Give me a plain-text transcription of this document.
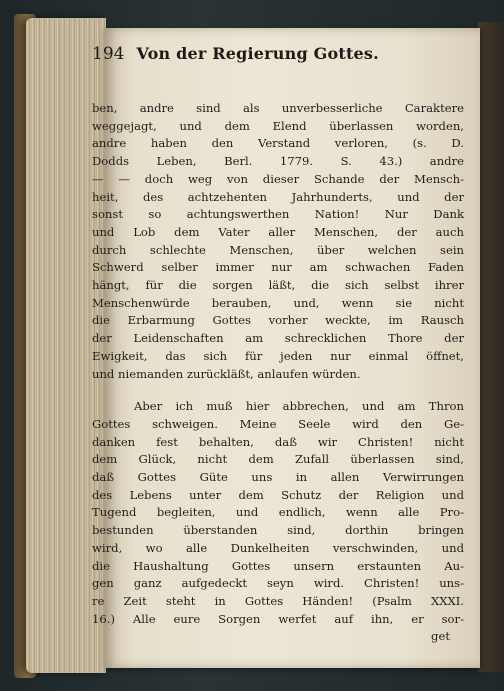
194 Von der Regierung Gottes.
ben, andre sind als unverbesserliche Caraktere
weggejagt, und dem Elend überlassen worden,
andre haben den Verstand verloren, (s. D.
Dodds Leben, Berl. 1779. S. 43.) andre
— — doch weg von dieser Schande der Mensch-
heit, des achtzehenten Jahrhunderts, und der
sonst so achtungswerthen Nation! Nur Dank
und Lob dem Vater aller Menschen, der auch
durch schlechte Menschen, über welchen sein
Schwerd selber immer nur am schwachen Faden
hängt, für die sorgen läßt, die sich selbst ihrer
Menschenwürde berauben, und, wenn sie nicht
die Erbarmung Gottes vorher weckte, im Rausch
der Leidenschaften am schrecklichen Thore der
Ewigkeit, das sich für jeden nur einmal öffnet,
und niemanden zurückläßt, anlaufen würden.
Aber ich muß hier abbrechen, und am Thron
Gottes schweigen. Meine Seele wird den Ge-
danken fest behalten, daß wir Christen! nicht
dem Glück, nicht dem Zufall überlassen sind,
daß Gottes Güte uns in allen Verwirrungen
des Lebens unter dem Schutz der Religion und
Tugend begleiten, und endlich, wenn alle Pro-
bestunden überstanden sind, dorthin bringen
wird, wo alle Dunkelheiten verschwinden, und
die Haushaltung Gottes unsern erstaunten Au-
gen ganz aufgedeckt seyn wird. Christen! uns-
re Zeit steht in Gottes Händen! (Psalm XXXI.
16.) Alle eure Sorgen werfet auf ihn, er sor-
get
